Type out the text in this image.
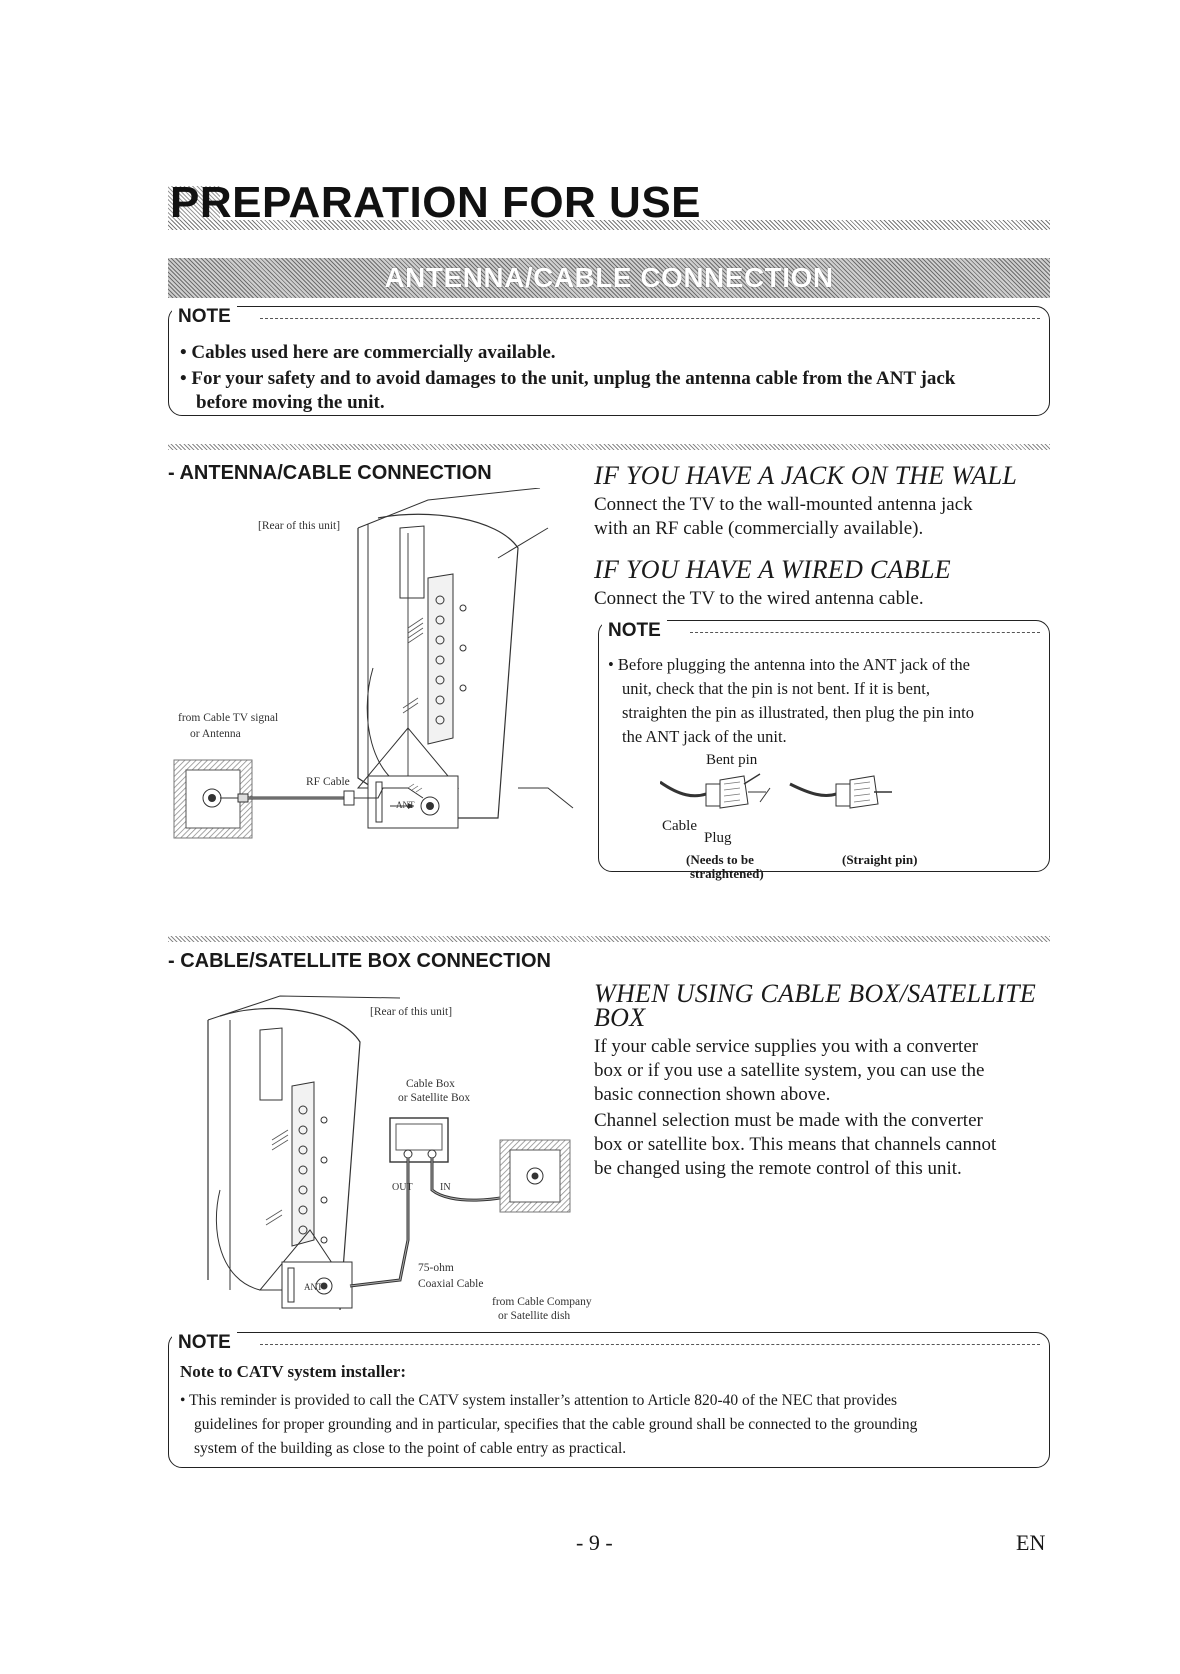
PREPARATION FOR USE
ANTENNA/CABLE CONNECTION
NOTE
• Cables used here are commercially available.
• For your safety and to avoid damages to the unit, unplug the antenna cable from the ANT jack
before moving the unit.
- ANTENNA/CABLE CONNECTION
[Rear of this unit]
from Cable TV signal
or Antenna
RF Cable
ANT
IF YOU HAVE A JACK ON THE WALL
Connect the TV to the wall-mounted antenna jack
with an RF cable (commercially available).
IF YOU HAVE A WIRED CABLE
Connect the TV to the wired antenna cable.
NOTE
• Before plugging the antenna into the ANT jack of the
unit, check that the pin is not bent. If it is bent,
straighten the pin as illustrated, then plug the pin into
the ANT jack of the unit.
Bent pin
Cable
Plug
(Needs to be
straightened)
(Straight pin)
- CABLE/SATELLITE BOX CONNECTION
[Rear of this unit]
Cable Box
or Satellite Box
OUT	IN
75-ohm
Coaxial Cable
from Cable Company
or Satellite dish
ANT
WHEN USING CABLE BOX/SATELLITE
BOX
If your cable service supplies you with a converter
box or if you use a satellite system, you can use the
basic connection shown above.
Channel selection must be made with the converter
box or satellite box. This means that channels cannot
be changed using the remote control of this unit.
NOTE
Note to CATV system installer:
• This reminder is provided to call the CATV system installer’s attention to Article 820-40 of the NEC that provides
guidelines for proper grounding and in particular, specifies that the cable ground shall be connected to the grounding
system of the building as close to the point of cable entry as practical.
- 9 -	EN
